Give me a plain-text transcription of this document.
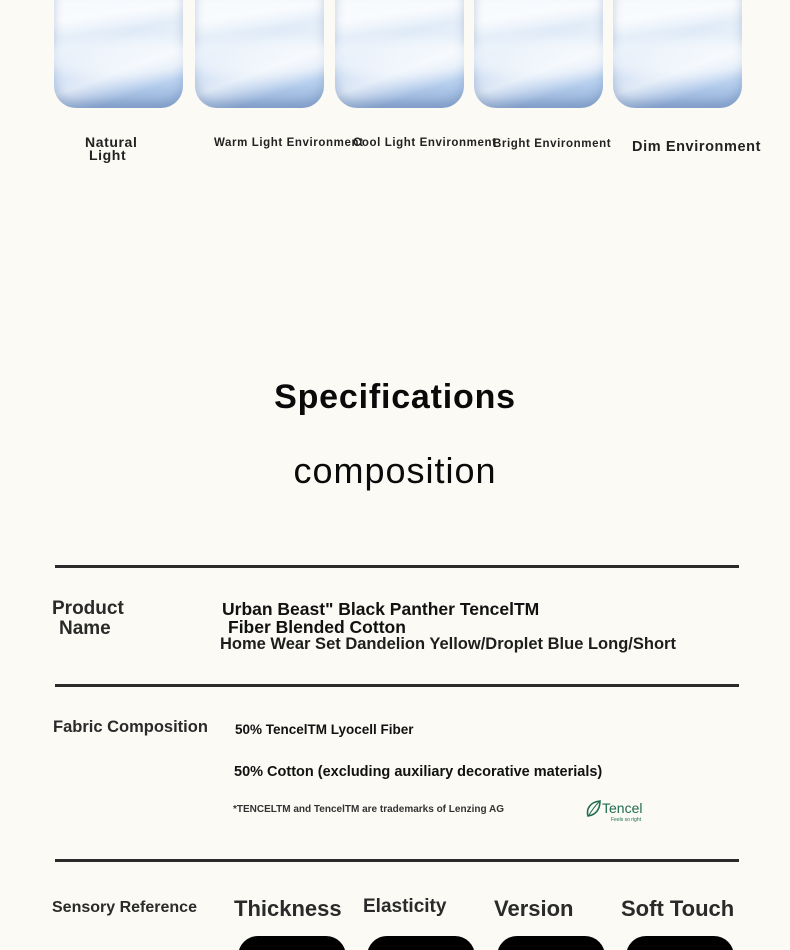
Natural
Light
Warm Light Environment
Cool Light Environment
Bright Environment Dim Environment
Specifications
composition
Product
Name
Urban Beast" Black Panther TencelTM
Fiber Blended Cotton
Home Wear Set Dandelion Yellow/Droplet Blue Long/Short
Fabric Composition 50% TencelTM Lyocell Fiber
50% Cotton (excluding auxiliary decorative materials)
*TENCELTM and TencelTM are trademarks of Lenzing AG	Tencel
Feels so right
Sensory Reference Thickness Elasticity Version Soft Touch
